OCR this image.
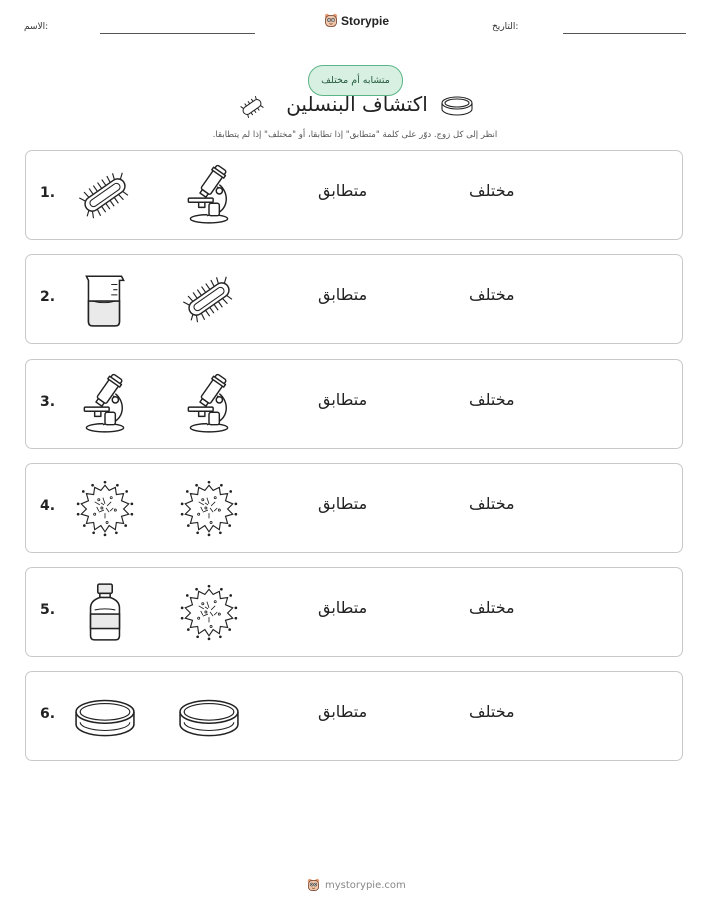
الاسم:	Storypie	التاريخ:
متشابه أم مختلف
اكتشاف البنسلين
انظر إلى كل زوج. دوّر على كلمة "متطابق" إذا تطابقا، أو "مختلف" إذا لم يتطابقا.
1.	متطابق	مختلف
2.	متطابق	مختلف
3.	متطابق	مختلف
4.	متطابق	مختلف
5.	متطابق	مختلف
6.	متطابق	مختلف
mystorypie.com
